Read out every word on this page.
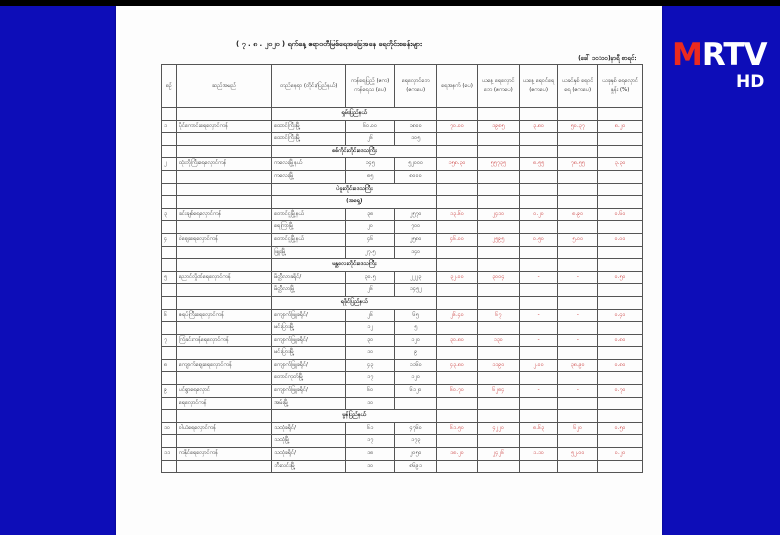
( ၇ . ၈ . ၂၀၂၀ ) ရက်နေ့ ဧရာဝတီမြစ်ရေအခြေအနေ ရေတိုင်းစခန်းများ
(ခေါ် ၁၀:၀၀)နာရီ စာရင်း
စဉ်	ဆည်အမည်	တည်နေရာ (တိုင်း/ပြည်နယ်)	ကန်ရေပြည့် (ဧက) ကန်ရေသ (ပေ)	ရေလှောင်ဘေ (ဧကပေ)	ရေအနက် (ပေ)	ယနေ့ ရေလှောင်ဘေ (ဧကပေ)	ယနေ့ ရေဝင်ရေ (ဧကပေ)	ယခင်နှစ် ရေဝင်ရေ (ဧကပေ)	ယခုနှစ် ရေလှောင်နှုန်း (%)
		ရှမ်းပြည်နယ်							
၁	ပိုင်ကောင်းရေလှောင်ကန်	ထောင်ကြီးမြို့	၆၀.၀၀	၁၈၀၀	၇၀.၀၀	၁၉၈၅	၃.၈၀	၅၀.၃၇	၈.၂၀
		ထောင်ကြီးမြို့	၂၆	၁၀၅					
		စစ်ကိုင်းတိုင်းဒေသကြီး							
၂	ထုံးဘိုကြီးရေလှောင်ကန်	ကလေးမြို့နယ်	၁၄၅	၅၂၀၀၀	၁၅၈.၃၀	၅၅၇၃၅	၈.၅၅	၇၈.၅၅	၃.၃၀
		ကလေးမြို့	၈၅	၈၀၀၀					
		ပဲခူးတိုင်းဒေသကြီး							
		(အရှေ့)							
၃	ခင်းချစ်ရေလှောင်ကန်	တောင်ငူမြို့နယ်	၃၈	၂၅၇၀	၁၃.၆၀	၂၄၁၀	၀.၂၀	၈.၉၀	၀.၆၀
		ရေကြာမြို့	၂၀	၇၀၀					
၄	ဝဲဈေးရေလှောင်ကန်	တောင်ငူမြို့နယ်	၄၆	၂၅၈၀	၄၆.၀၀	၂၅၉၅	၀.၅၀	၅.၀၀	၀.၀၀
		ဖြူးမြို့	၂၇.၅	၁၄၀					
		မန္တလေးတိုင်းဒေသကြီး							
၅	ညောင်လှိုဏ်ရေလှောင်ကန်	မိတ္ထီလာခရိုင်/	၃၀.၅	၂၂၂၃	၃၂.၀၀	၃၀၀၄	-	-	၀.၅၀
		မိတ္ထီလာမြို့	၂၆	၁၄၅၂					
		ရခိုင်ပြည်နယ်							
၆	ဇရပ်ကြီးရေလှောင်ကန်	ကျောက်ဖြူခရိုင်/	၂၆	၆၅	၂၆.၄၀	၆၇	-	-	၀.၄၀
		မင်းပြားမြို့	၁၂	၅					
၇	ကြံခင်းကန်ရေလှောင်ကန်	ကျောက်ဖြူခရိုင်/	၃၀	၁၂၀	၃၀.၈၀	၁၃၀	-	-	၀.၈၀
		မင်းပြားမြို့	၁၀	၉					
၈	ကျောက်ဈေးရေလှောင်ကန်	ကျောက်ဖြူခရိုင်/	၄၃	၁၁၆၀	၄၃.၈၀	၁၁၉၀	၂.၀၀	၃၈.၉၀	၀.၈၀
		တောင်ကုတ်မြို့	၁၇	၁၂၀					
၉	ပင်ရွာရေလှောင်	ကျောက်ဖြူခရိုင်/	၆၀	၆၁၂၀	၆၀.၇၀	၆၂၈၄	-	-	၀.၇၀
	ရေလှောင်ကန်	အမ်းမြို့	၁၀						
		မွန်ပြည်နယ်							
၁၀	ဝါယံရေလှောင်ကန်	သထုံခရိုင်/	၆၁	၄၇၆၀	၆၁.၅၀	၄၂၂၀	၈.၆၃	၆၂၀	၀.၅၀
		သထုံမြို့	၁၇	၁၇၃					
၁၁	ကနိုင်ရေလှောင်ကန်	သထုံခရိုင်/	၁၈	၂၀၅၀	၁၈.၂၀	၂၄၂၆	၁.၁၀	၅၂.၀၀	၀.၂၀
		ဘီးလင်းမြို့	၁၀	၈၆၉၁					
MRTV
HD
